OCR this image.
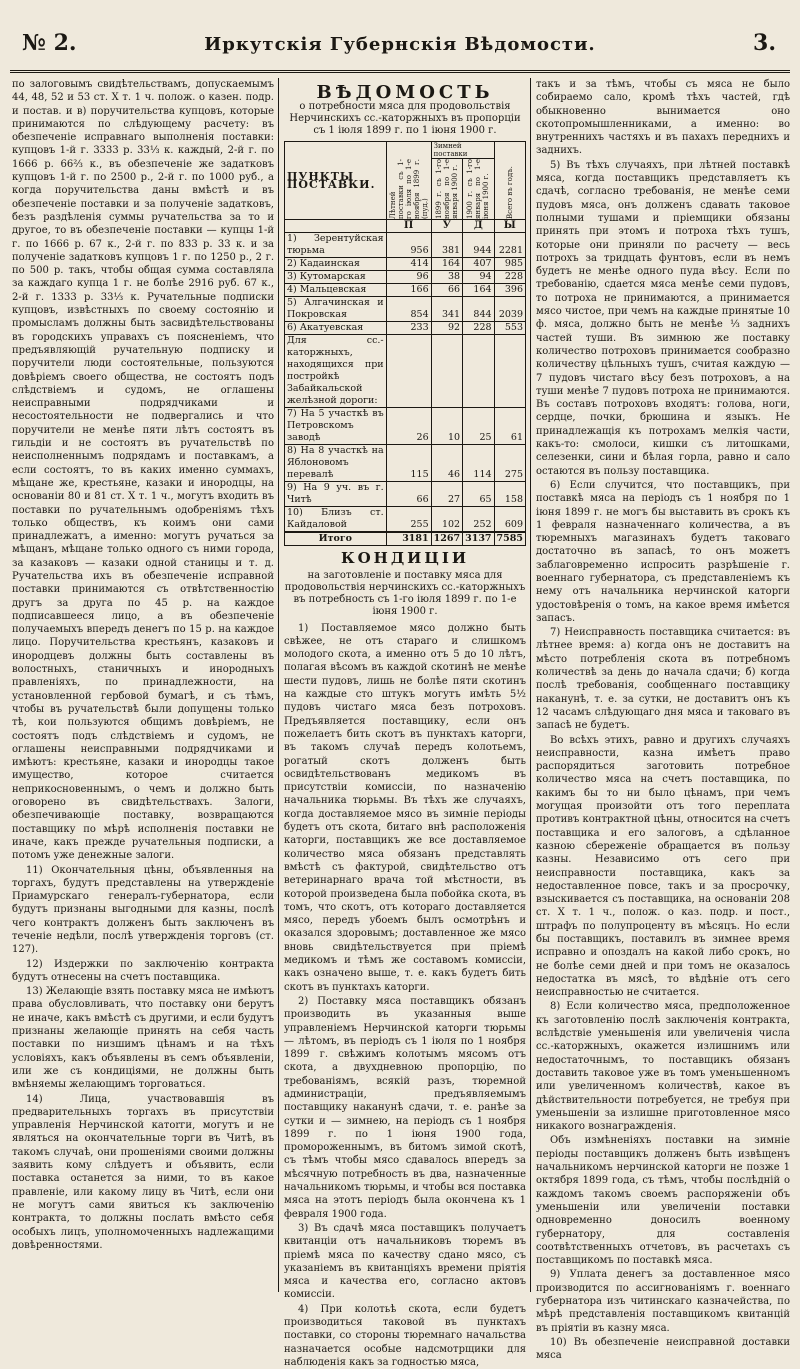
№ 2.	Иркутскія Губернскія Вѣдомости.	3.

по залоговымъ свидѣтельствамъ, допускаемымъ 44, 48, 52 и 53 ст. Х т. 1 ч. полож. о казен. подр. и постав. и в) поручительства купцовъ, которые принимаются по слѣдующему расчету: въ обезпеченіе исправнаго выполненія поставки: купцовъ 1-й г. 3333 р. 33⅓ к. каждый, 2-й г. по 1666 р. 66⅔ к., въ обезпеченіе же задатковъ купцовъ 1-й г. по 2500 р., 2-й г. по 1000 руб., а когда поручительства даны вмѣстѣ и въ обезпеченіе поставки и за полученіе задатковъ, безъ раздѣленія суммы ручательства за то и другое, то въ обезпеченіе поставки — купцы 1-й г. по 1666 р. 67 к., 2-й г. по 833 р. 33 к. и за полученіе задатковъ купцовъ 1 г. по 1250 р., 2 г. по 500 р. такъ, чтобы общая сумма составляла за каждаго купца 1 г. не болѣе 2916 руб. 67 к., 2-й г. 1333 р. 33⅓ к. Ручательные подписки купцовъ, извѣстныхъ по своему состоянію и промысламъ должны быть засвидѣтельствованы въ городскихъ управахъ съ поясненіемъ, что предъявляющій ручательную подписку и поручители люди состоятельные, пользуются довѣріемъ своего общества, не состоятъ подъ слѣдствіемъ и судомъ, не оглашены неисправными подрядчиками и несостоятельности не подвергались и что поручители не менѣе пяти лѣтъ состоятъ въ гильдіи и не состоятъ въ ручательствѣ по неисполненнымъ подрядамъ и поставкамъ, а если состоятъ, то въ каких именно суммахъ, мѣщане же, крестьяне, казаки и инородцы, на основаніи 80 и 81 ст. Х т. 1 ч., могутъ входить въ поставки по ручательнымъ одобреніямъ тѣхъ только обществъ, къ коимъ они сами принадлежатъ, а именно: могутъ ручаться за мѣщанъ, мѣщане только одного съ ними города, за казаковъ — казаки одной станицы и т. д. Ручательства ихъ въ обезпеченіе исправной поставки принимаются съ отвѣтственностію другъ за друга по 45 р. на каждое подписавшееся лицо, а въ обезпеченіе получаемыхъ впередъ денегъ по 15 р. на каждое лицо. Поручительства крестьянъ, казаковъ и инородцевъ должны быть составлены въ волостныхъ, станичныхъ и инородныхъ правленіяхъ, по принадлежности, на установленной гербовой бумагѣ, и съ тѣмъ, чтобы въ ручательствѣ были допущены только тѣ, кои пользуются общимъ довѣріемъ, не состоятъ подъ слѣдствіемъ и судомъ, не оглашены неисправными подрядчиками и имѣютъ: крестьяне, казаки и инородцы такое имущество, которое считается неприкосновеннымъ, о чемъ и должно быть оговорено въ свидѣтельствахъ. Залоги, обезпечивающіе поставку, возвращаются поставщику по мѣрѣ исполненія поставки не иначе, какъ прежде ручательныя подписки, а потомъ уже денежные залоги.

11) Окончательныя цѣны, объявленныя на торгахъ, будутъ представлены на утвержденіе Приамурскаго генералъ-губернатора, если будутъ признаны выгодными для казны, послѣ чего контрактъ долженъ быть заключенъ въ теченіе недѣли, послѣ утвержденія торговъ (ст. 127).

12) Издержки по заключенію контракта будутъ отнесены на счетъ поставщика.

13) Желающіе взять поставку мяса не имѣютъ права обусловливать, что поставку они берутъ не иначе, какъ вмѣстѣ съ другими, и если будутъ признаны желающіе принять на себя часть поставки по низшимъ цѣнамъ и на тѣхъ условіяхъ, какъ объявлены въ семъ объявленіи, или же съ кондиціями, не должны быть вмѣняемы желающимъ торговаться.

14) Лица, участвовавшія въ предварительныхъ торгахъ въ присутствіи управленія Нерчинской катorги, могутъ и не являться на окончательные торги въ Читѣ, въ такомъ случаѣ, они прошеніями своими должны заявить кому слѣдуетъ и объявить, если поставка останется за ними, то въ какое правленіе, или какому лицу въ Читѣ, если они не могутъ сами явиться къ заключенію контракта, то должны послать вмѣсто себя особыхъ лицъ, уполномоченныхъ надлежащими довѣренностями.

ВѢДОМОСТЬ
о потребности мяса для продовольствія Нерчинскихъ сс.-каторжныхъ въ пропорціи съ 1 іюля 1899 г. по 1 іюня 1900 г.
ПУНКТЫ ПОСТАВКИ.	Лѣтней поставки съ 1-го іюля по 1-е ноября 1899 г. (пуд.)	Зимней поставки		Всего въ годъ.

		1899 г. съ 1-го ноября по 1-е января 1900 г.	1900 г. съ 1-го января по 1-е іюня 1900 г.	

	П	У	Д	Ы
1) Зерентуйская тюрьма	956	381	944	2281
2) Кадаинская	414	164	407	985
3) Кутомарская	96	38	94	228
4) Мальцевская	166	66	164	396
5) Алгачинская и Покровская	854	341	844	2039
6) Акатуевская	233	92	228	553
Для сс.-каторжныхъ, находящихся при постройкѣ Забайкальской желѣзной дороги:				
7) На 5 участкѣ въ Петровскомъ заводѣ	26	10	25	61
8) На 8 участкѣ на Яблоновомъ перевалѣ	115	46	114	275
9) На 9 уч. въ г. Читѣ	66	27	65	158
10) Близъ ст. Кайдаловой	255	102	252	609
Итого	3181	1267	3137	7585
КОНДИЦІИ
на заготовленіе и поставку мяса для продовольствія нерчинскихъ сс.-каторжныхъ въ потребность съ 1-го іюля 1899 г. по 1-е іюня 1900 г.

1) Поставляемое мясо должно быть свѣжее, не отъ стараго и слишкомъ молодого скота, а именно отъ 5 до 10 лѣтъ, полагая вѣсомъ въ каждой скотинѣ не менѣе шести пудовъ, лишь не болѣе пяти скотинъ на каждые сто штукъ могутъ имѣть 5½ пудовъ чистаго мяса безъ потроховъ. Предъявляется поставщику, если онъ пожелаетъ бить скотъ въ пунктахъ каторги, въ такомъ случаѣ передъ колотьемъ, рогатый скотъ долженъ быть освидѣтельствованъ медикомъ въ присутствіи комиссіи, по назначенію начальника тюрьмы. Въ тѣхъ же случаяхъ, когда доставляемое мясо въ зимніе періоды будетъ отъ скота, битаго внѣ расположенія каторги, поставщикъ же все доставляемое количество мяса обязанъ представлять вмѣстѣ съ фактурой, свидѣтельство отъ ветеринарнаго врача той мѣстности, въ которой произведена была побойка скота, въ томъ, что скотъ, отъ котораго доставляется мясо, передъ убоемъ былъ осмотрѣнъ и оказался здоровымъ; доставленное же мясо вновь свидѣтельствуется при пріемѣ медикомъ и тѣмъ же составомъ комиссіи, какъ означено выше, т. е. какъ будетъ бить скотъ въ пунктахъ каторги.

2) Поставку мяса поставщикъ обязанъ производить въ указанныя выше управленіемъ Нерчинской каторги тюрьмы — лѣтомъ, въ періодъ съ 1 іюля по 1 ноября 1899 г. свѣжимъ колотымъ мясомъ отъ скота, а двухдневною пропорцію, по требованіямъ, всякій разъ, тюремной администраціи, предъявляемымъ поставщику наканунѣ сдачи, т. е. ранѣе за сутки и — зимнею, на періодъ съ 1 ноября 1899 г. по 1 іюня 1900 года, промороженнымъ, въ битомъ зимой скотѣ, съ тѣмъ чтобы мясо сдавалось впередъ за мѣсячную потребность въ два, назначенные начальникомъ тюрьмы, и чтобы вся поставка мяса на этотъ періодъ была окончена къ 1 февраля 1900 года.

3) Въ сдачѣ мяса поставщикъ получаетъ квитанціи отъ начальниковъ тюремъ въ пріемѣ мяса по качеству сдано мясо, съ указаніемъ въ квитанціяхъ времени пріятія мяса и качества его, согласно актовъ комиссіи.

4) При колотьѣ скота, если будетъ производиться таковой въ пунктахъ поставки, со стороны тюремнаго начальства назначается особые надсмотрщики для наблюденія какъ за годностью мяса,

такъ и за тѣмъ, чтобы съ мяса не было собираемо сало, кромѣ тѣхъ частей, гдѣ обыкновенно вынимается оно скотопромышленниками, а именно: во внутреннихъ частяхъ и въ пахахъ переднихъ и заднихъ.

5) Въ тѣхъ случаяхъ, при лѣтней поставкѣ мяса, когда поставщикъ представляетъ къ сдачѣ, согласно требованія, не менѣе семи пудовъ мяса, онъ долженъ сдавать таковое полными тушами и пріемщики обязаны принять при этомъ и потроха тѣхъ тушъ, которые они приняли по расчету — весь потрохъ за тридцать фунтовъ, если въ немъ будетъ не менѣе одного пуда вѣсу. Если по требованію, сдается мяса менѣе семи пудовъ, то потроха не принимаются, а принимается мясо чистое, при чемъ на каждые принятые 10 ф. мяса, должно быть не менѣе ⅓ заднихъ частей туши. Въ зимнюю же поставку количество потроховъ принимается сообразно количеству цѣльныхъ тушъ, считая каждую — 7 пудовъ чистаго вѣсу безъ потроховъ, а на туши менѣе 7 пудовъ потроха не принимаются. Въ составъ потроховъ входятъ: голова, ноги, сердце, почки, брюшина и языкъ. Не принадлежащія къ потрохамъ мелкія части, какъ-то: смолоси, кишки съ литошками, селезенки, сини и бѣлая горла, равно и сало остаются въ пользу поставщика.

6) Если случится, что поставщикъ, при поставкѣ мяса на періодъ съ 1 ноября по 1 іюня 1899 г. не могъ бы выставить въ срокъ къ 1 февраля назначеннаго количества, а въ тюремныхъ магазинахъ будетъ таковаго достаточно въ запасѣ, то онъ можетъ заблаговременно испросить разрѣшеніе г. военнаго губернатора, съ представленіемъ къ нему отъ начальника нерчинской каторги удостовѣренія о томъ, на какое время имѣется запасъ.

7) Неисправность поставщика считается: въ лѣтнее время: а) когда онъ не доставитъ на мѣсто потребленія скота въ потребномъ количествѣ за день до начала сдачи; б) когда послѣ требованія, сообщеннаго поставщику наканунѣ, т. е. за сутки, не доставитъ онъ къ 12 часамъ слѣдующаго дня мяса и таковаго въ запасѣ не будетъ.

Во всѣхъ этихъ, равно и другихъ случаяхъ неисправности, казна имѣетъ право распорядиться заготовить потребное количество мяса на счетъ поставщика, по какимъ бы то ни было цѣнамъ, при чемъ могущая произойти отъ того переплата противъ контрактной цѣны, относится на счетъ поставщика и его залоговъ, а сдѣланное казною сбереженіе обращается въ пользу казны. Независимо отъ сего при неисправности поставщика, какъ за недоставленное повсе, такъ и за просрочку, взыскивается съ поставщика, на основаніи 208 ст. Х т. 1 ч., полож. о каз. подр. и пост., штрафъ по полупроценту въ мѣсяцъ. Но если бы поставщикъ, поставилъ въ зимнее время исправно и опоздалъ на какой либо срокъ, но не болѣе семи дней и при томъ не оказалось недостатка въ мясѣ, то вѣдѣніе отъ сего неисправностью не считается.

8) Если количество мяса, предположенное къ заготовленію послѣ заключенія контракта, вслѣдствіе уменьшенія или увеличенія числа сс.-каторжныхъ, окажется излишнимъ или недостаточнымъ, то поставщикъ обязанъ доставить таковое уже въ томъ уменьшенномъ или увеличенномъ количествѣ, какое въ дѣйствительности потребуется, не требуя при уменьшеніи за излишне приготовленное мясо никакого вознагражденія.

Объ измѣненіяхъ поставки на зимніе періоды поставщикъ долженъ быть извѣщенъ начальникомъ нерчинской каторги не позже 1 октября 1899 года, съ тѣмъ, чтобы послѣдній о каждомъ такомъ своемъ распоряженіи объ уменьшеніи или увеличеніи поставки одновременно доносилъ военному губернатору, для составленія соотвѣтственныхъ отчетовъ, въ расчетахъ съ поставщикомъ по поставкѣ мяса.

9) Уплата денегъ за доставленное мясо производится по ассигнованіямъ г. военнаго губернатора изъ читинскаго казначейства, по мѣрѣ представленія поставщикомъ квитанцій въ пріятіи въ казну мяса.

10) Въ обезпеченіе неисправной доставки мяса
